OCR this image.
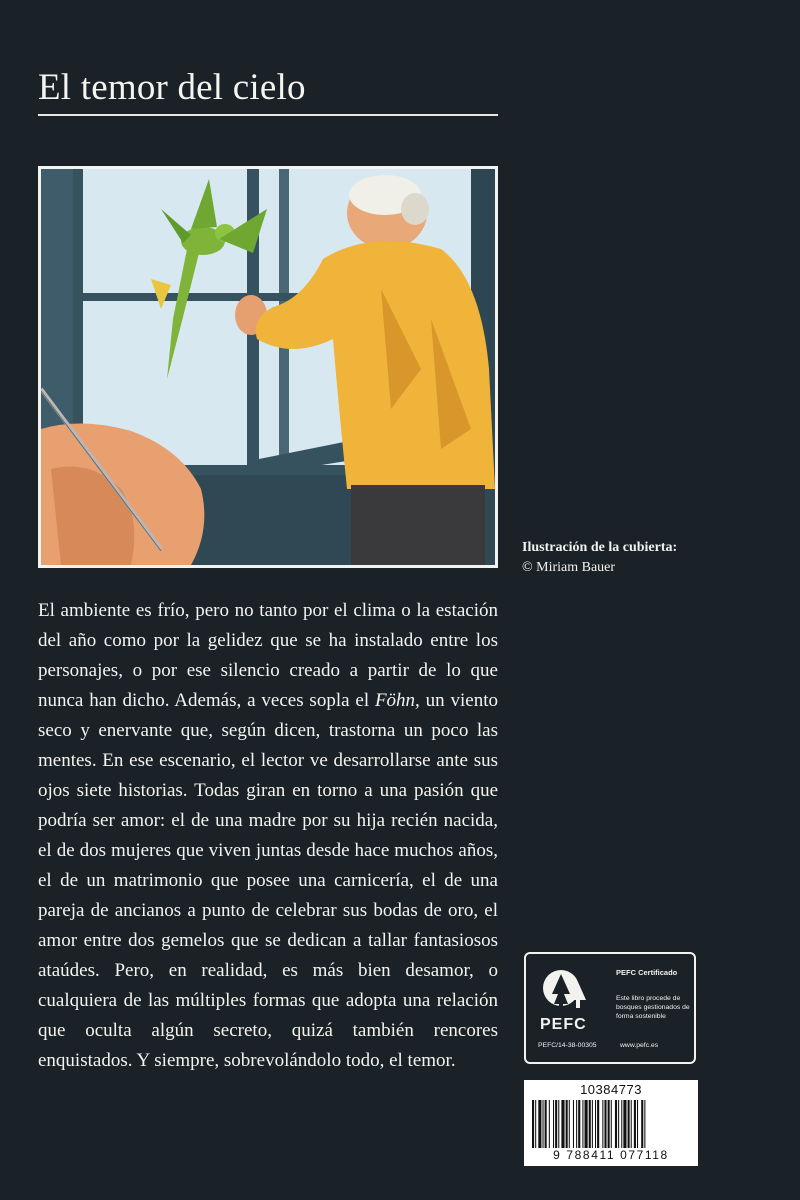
El temor del cielo
Ilustración de la cubierta:
© Miriam Bauer

El ambiente es frío, pero no tanto por el clima o la estación del año como por la gelidez que se ha instalado entre los personajes, o por ese silencio creado a partir de lo que nunca han dicho. Además, a veces sopla el Föhn, un viento seco y enervante que, según dicen, trastorna un poco las mentes. En ese escenario, el lector ve desarrollarse ante sus ojos siete historias. Todas giran en torno a una pasión que podría ser amor: el de una madre por su hija recién nacida, el de dos mujeres que viven juntas desde hace muchos años, el de un matrimonio que posee una carnicería, el de una pareja de ancianos a punto de celebrar sus bodas de oro, el amor entre dos gemelos que se dedican a tallar fantasiosos ataúdes. Pero, en realidad, es más bien desamor, o cualquiera de las múltiples formas que adopta una relación que oculta algún secreto, quizá también rencores enquistados. Y siempre, sobrevolándolo todo, el temor.

PEFC
PEFC Certificado
Este libro procede de bosques gestionados de forma sostenible
PEFC/14-38-00305	www.pefc.es
10384773
9 788411 077118
